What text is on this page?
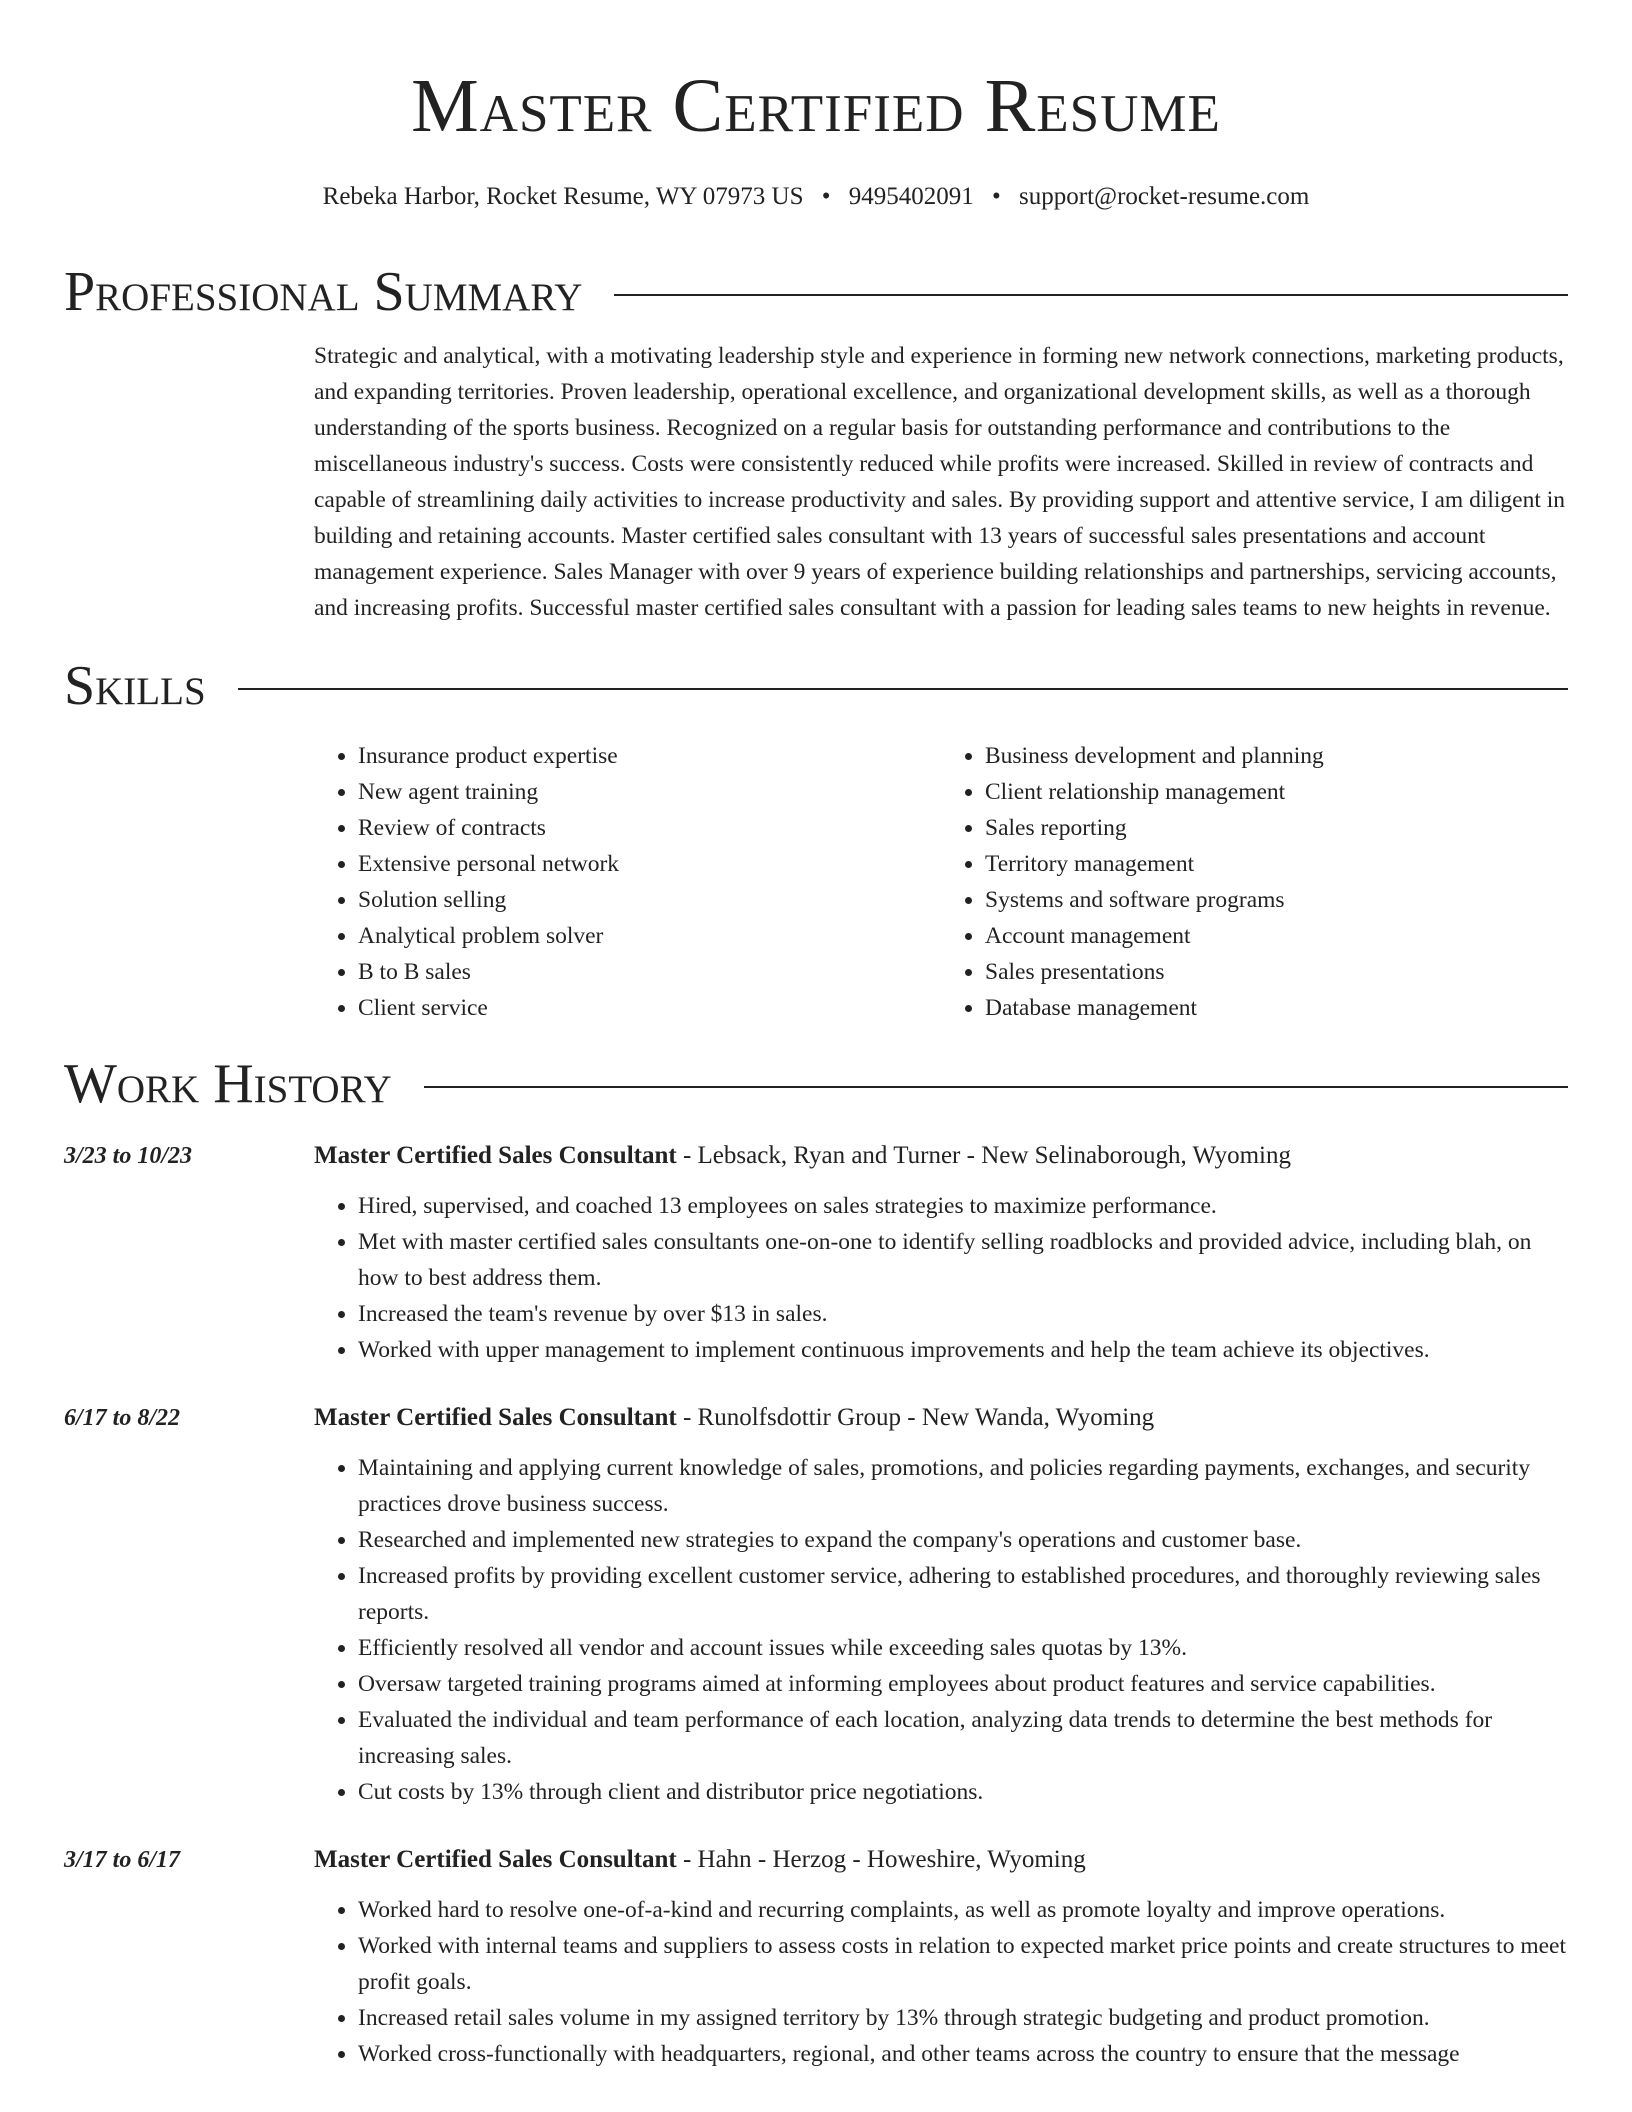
Master Certified Resume
Rebeka Harbor, Rocket Resume, WY 07973 US • 9495402091 • support@rocket-resume.com
Professional Summary
Strategic and analytical, with a motivating leadership style and experience in forming new network connections, marketing products, and expanding territories. Proven leadership, operational excellence, and organizational development skills, as well as a thorough understanding of the sports business. Recognized on a regular basis for outstanding performance and contributions to the miscellaneous industry's success. Costs were consistently reduced while profits were increased. Skilled in review of contracts and capable of streamlining daily activities to increase productivity and sales. By providing support and attentive service, I am diligent in building and retaining accounts. Master certified sales consultant with 13 years of successful sales presentations and account management experience. Sales Manager with over 9 years of experience building relationships and partnerships, servicing accounts, and increasing profits. Successful master certified sales consultant with a passion for leading sales teams to new heights in revenue.
Skills
• Insurance product expertise
• New agent training
• Review of contracts
• Extensive personal network
• Solution selling
• Analytical problem solver
• B to B sales
• Client service
• Business development and planning
• Client relationship management
• Sales reporting
• Territory management
• Systems and software programs
• Account management
• Sales presentations
• Database management
Work History
3/23 to 10/23	Master Certified Sales Consultant - Lebsack, Ryan and Turner - New Selinaborough, Wyoming
• Hired, supervised, and coached 13 employees on sales strategies to maximize performance.
• Met with master certified sales consultants one-on-one to identify selling roadblocks and provided advice, including blah, on how to best address them.
• Increased the team's revenue by over $13 in sales.
• Worked with upper management to implement continuous improvements and help the team achieve its objectives.
6/17 to 8/22	Master Certified Sales Consultant - Runolfsdottir Group - New Wanda, Wyoming
• Maintaining and applying current knowledge of sales, promotions, and policies regarding payments, exchanges, and security practices drove business success.
• Researched and implemented new strategies to expand the company's operations and customer base.
• Increased profits by providing excellent customer service, adhering to established procedures, and thoroughly reviewing sales reports.
• Efficiently resolved all vendor and account issues while exceeding sales quotas by 13%.
• Oversaw targeted training programs aimed at informing employees about product features and service capabilities.
• Evaluated the individual and team performance of each location, analyzing data trends to determine the best methods for increasing sales.
• Cut costs by 13% through client and distributor price negotiations.
3/17 to 6/17	Master Certified Sales Consultant - Hahn - Herzog - Howeshire, Wyoming
• Worked hard to resolve one-of-a-kind and recurring complaints, as well as promote loyalty and improve operations.
• Worked with internal teams and suppliers to assess costs in relation to expected market price points and create structures to meet profit goals.
• Increased retail sales volume in my assigned territory by 13% through strategic budgeting and product promotion.
• Worked cross-functionally with headquarters, regional, and other teams across the country to ensure that the message
